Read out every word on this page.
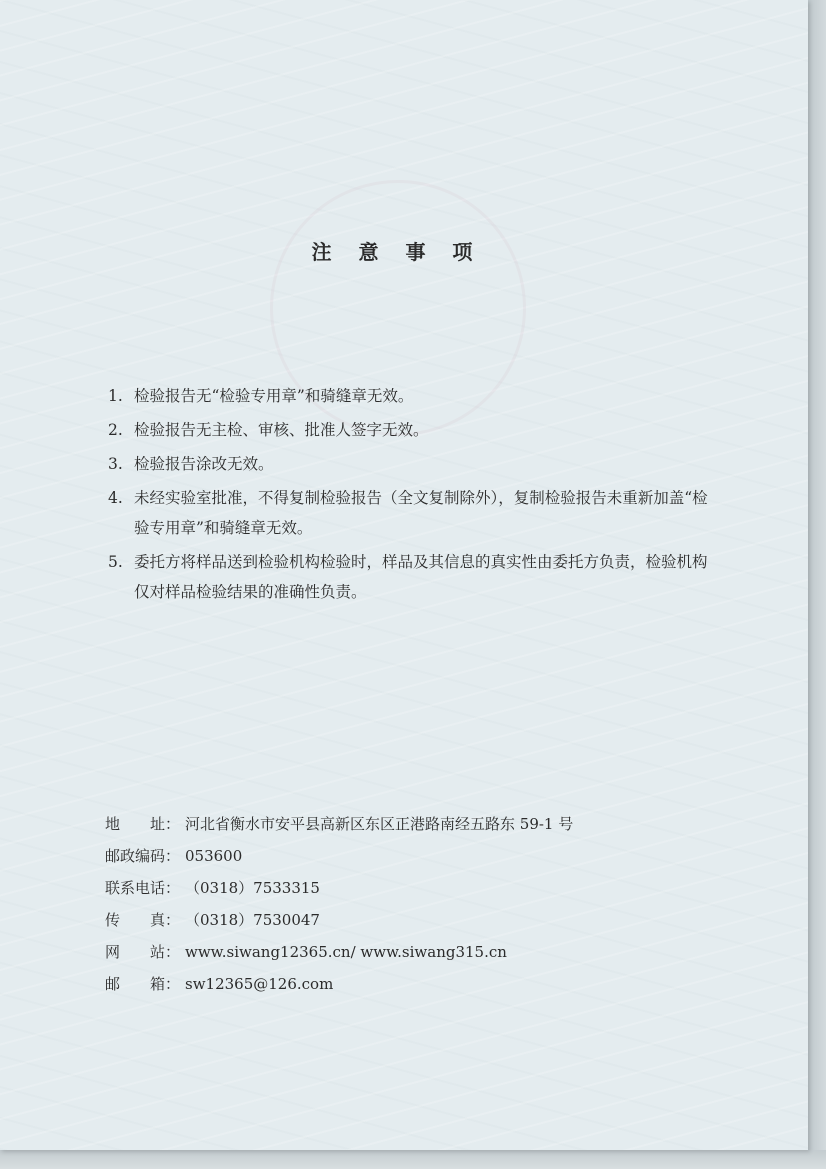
注 意 事 项
1. 检验报告无“检验专用章”和骑缝章无效。
2. 检验报告无主检、审核、批准人签字无效。
3. 检验报告涂改无效。
4. 未经实验室批准，不得复制检验报告（全文复制除外），复制检验报告未重新加盖“检验专用章”和骑缝章无效。
5. 委托方将样品送到检验机构检验时，样品及其信息的真实性由委托方负责，检验机构仅对样品检验结果的准确性负责。
地　　址： 河北省衡水市安平县高新区东区正港路南经五路东 59-1 号
邮政编码： 053600
联系电话： （0318）7533315
传　　真： （0318）7530047
网　　站： www.siwang12365.cn/ www.siwang315.cn
邮　　箱： sw12365@126.com
